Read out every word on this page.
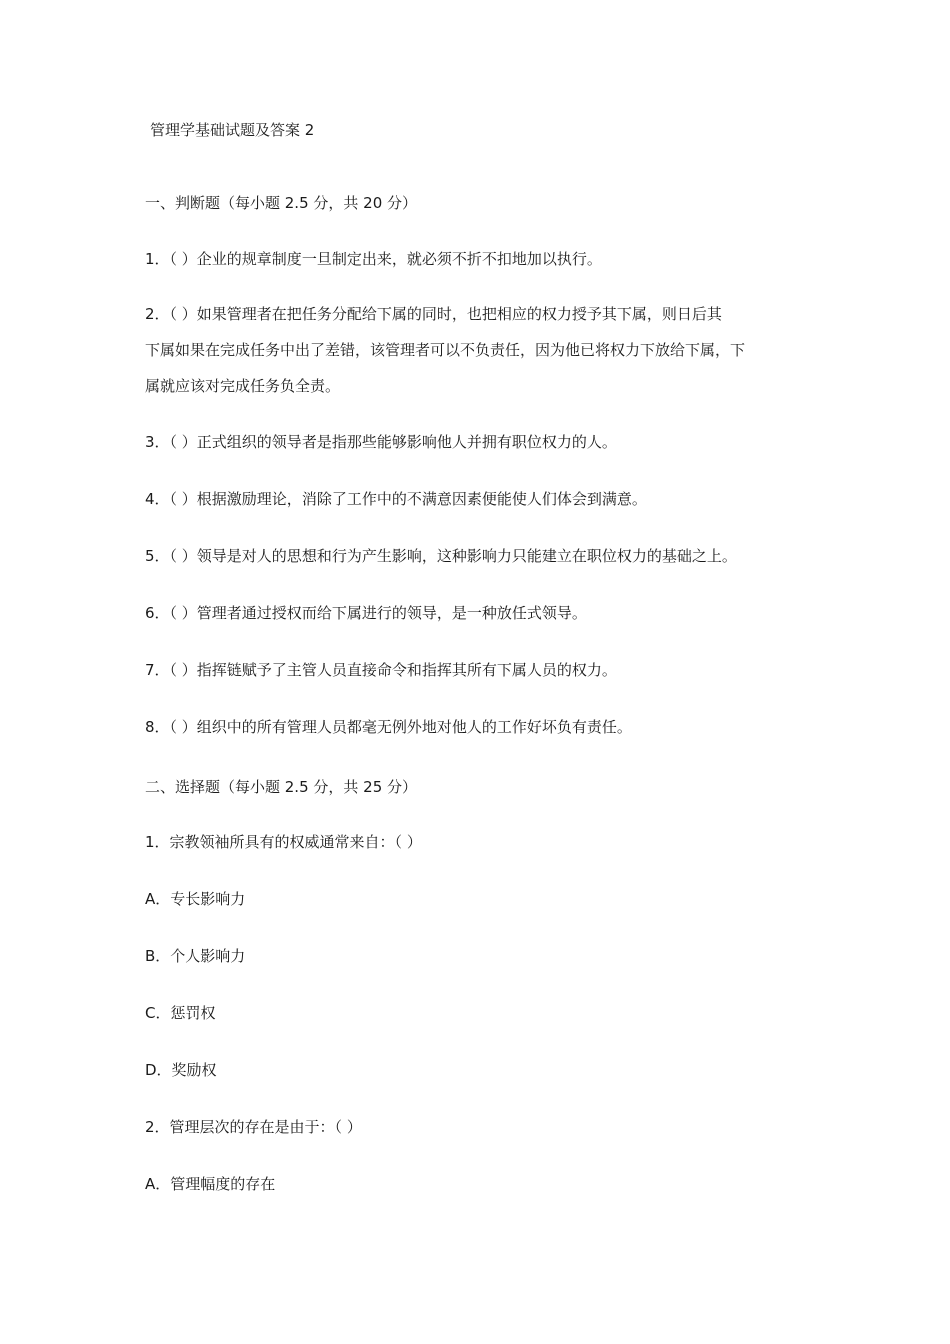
管理学基础试题及答案 2
一、判断题（每小题 2.5 分，共 20 分）
1．（ ）企业的规章制度一旦制定出来，就必须不折不扣地加以执行。
2．（ ）如果管理者在把任务分配给下属的同时，也把相应的权力授予其下属，则日后其
下属如果在完成任务中出了差错，该管理者可以不负责任，因为他已将权力下放给下属，下
属就应该对完成任务负全责。
3．（ ）正式组织的领导者是指那些能够影响他人并拥有职位权力的人。
4．（ ）根据激励理论，消除了工作中的不满意因素便能使人们体会到满意。
5．（ ）领导是对人的思想和行为产生影响，这种影响力只能建立在职位权力的基础之上。
6．（ ）管理者通过授权而给下属进行的领导，是一种放任式领导。
7．（ ）指挥链赋予了主管人员直接命令和指挥其所有下属人员的权力。
8．（ ）组织中的所有管理人员都毫无例外地对他人的工作好坏负有责任。
二、选择题（每小题 2.5 分，共 25 分）
1．宗教领袖所具有的权威通常来自：（ ）
A．专长影响力
B．个人影响力
C．惩罚权
D．奖励权
2．管理层次的存在是由于：（ ）
A．管理幅度的存在
